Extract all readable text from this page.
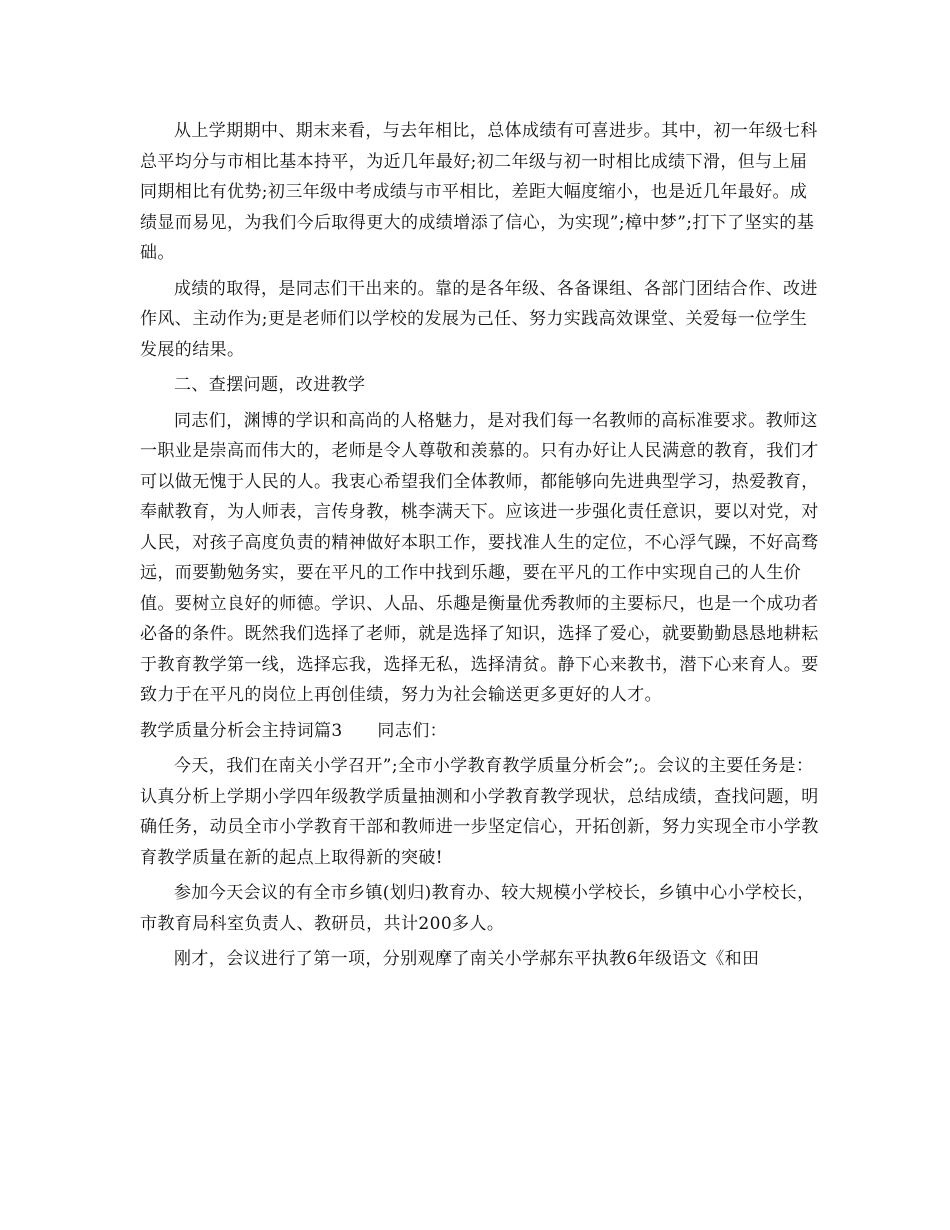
从上学期期中、期末来看，与去年相比，总体成绩有可喜进步。其中，初一年级七科总平均分与市相比基本持平，为近几年最好;初二年级与初一时相比成绩下滑，但与上届同期相比有优势;初三年级中考成绩与市平相比，差距大幅度缩小，也是近几年最好。成绩显而易见，为我们今后取得更大的成绩增添了信心，为实现”;樟中梦”;打下了坚实的基础。

成绩的取得，是同志们干出来的。靠的是各年级、各备课组、各部门团结合作、改进作风、主动作为;更是老师们以学校的发展为己任、努力实践高效课堂、关爱每一位学生发展的结果。

二、查摆问题，改进教学

同志们，渊博的学识和高尚的人格魅力，是对我们每一名教师的高标准要求。教师这一职业是崇高而伟大的，老师是令人尊敬和羡慕的。只有办好让人民满意的教育，我们才可以做无愧于人民的人。我衷心希望我们全体教师，都能够向先进典型学习，热爱教育，奉献教育，为人师表，言传身教，桃李满天下。应该进一步强化责任意识，要以对党，对人民，对孩子高度负责的精神做好本职工作，要找准人生的定位，不心浮气躁，不好高骛远，而要勤勉务实，要在平凡的工作中找到乐趣，要在平凡的工作中实现自己的人生价值。要树立良好的师德。学识、人品、乐趣是衡量优秀教师的主要标尺，也是一个成功者必备的条件。既然我们选择了老师，就是选择了知识，选择了爱心，就要勤勤恳恳地耕耘于教育教学第一线，选择忘我，选择无私，选择清贫。静下心来教书，潜下心来育人。要致力于在平凡的岗位上再创佳绩，努力为社会输送更多更好的人才。

教学质量分析会主持词篇3　　同志们：

今天，我们在南关小学召开”;全市小学教育教学质量分析会”;。会议的主要任务是：认真分析上学期小学四年级教学质量抽测和小学教育教学现状，总结成绩，查找问题，明确任务，动员全市小学教育干部和教师进一步坚定信心，开拓创新，努力实现全市小学教育教学质量在新的起点上取得新的突破!

参加今天会议的有全市乡镇(划归)教育办、较大规模小学校长，乡镇中心小学校长，市教育局科室负责人、教研员，共计200多人。

刚才，会议进行了第一项，分别观摩了南关小学郝东平执教6年级语文《和田
